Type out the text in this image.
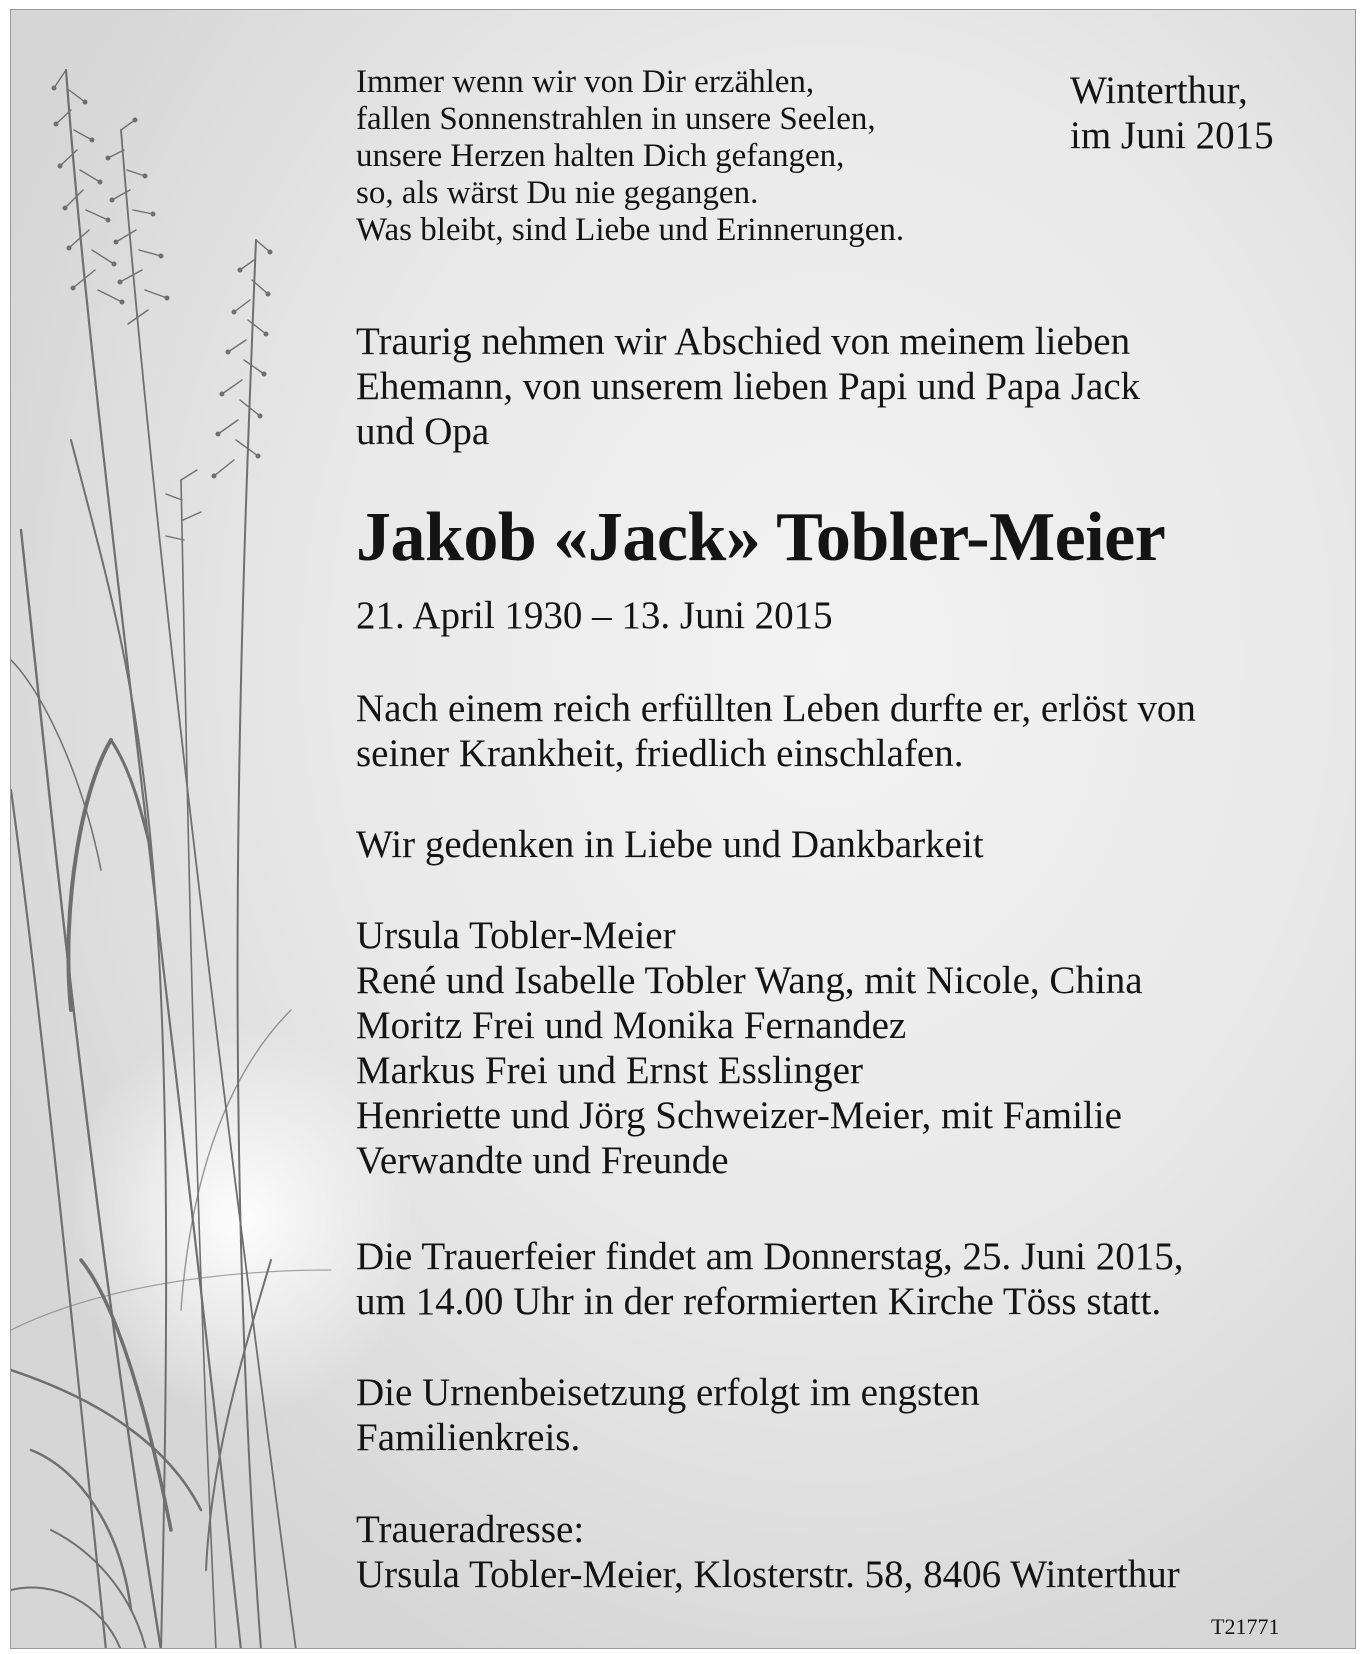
Immer wenn wir von Dir erzählen,
fallen Sonnenstrahlen in unsere Seelen,
unsere Herzen halten Dich gefangen,
so, als wärst Du nie gegangen.
Was bleibt, sind Liebe und Erinnerungen.
Winterthur,
im Juni 2015
Traurig nehmen wir Abschied von meinem lieben
Ehemann, von unserem lieben Papi und Papa Jack
und Opa
Jakob «Jack» Tobler-Meier
21. April 1930 – 13. Juni 2015
Nach einem reich erfüllten Leben durfte er, erlöst von
seiner Krankheit, friedlich einschlafen.
Wir gedenken in Liebe und Dankbarkeit
Ursula Tobler-Meier
René und Isabelle Tobler Wang, mit Nicole, China
Moritz Frei und Monika Fernandez
Markus Frei und Ernst Esslinger
Henriette und Jörg Schweizer-Meier, mit Familie
Verwandte und Freunde
Die Trauerfeier findet am Donnerstag, 25. Juni 2015,
um 14.00 Uhr in der reformierten Kirche Töss statt.
Die Urnenbeisetzung erfolgt im engsten
Familienkreis.
Traueradresse:
Ursula Tobler-Meier, Klosterstr. 58, 8406 Winterthur
T21771
